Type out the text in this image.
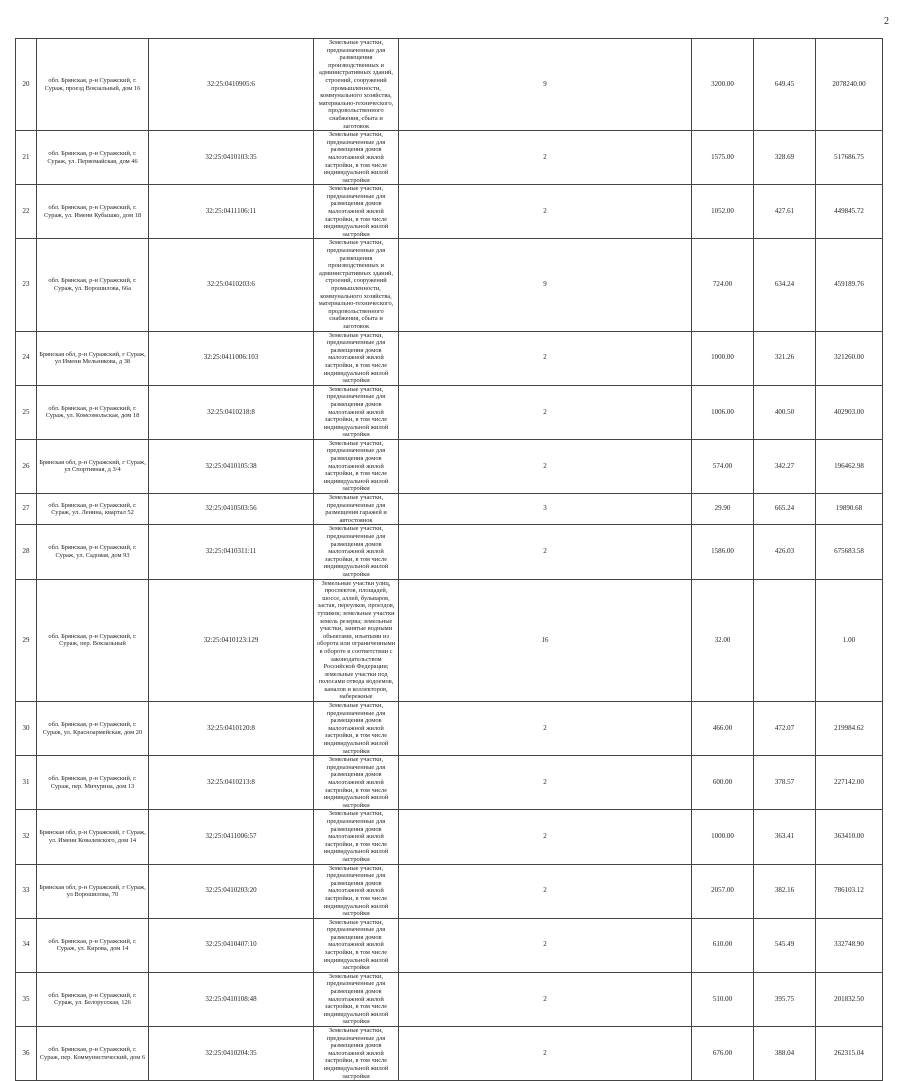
2
20	обл. Брянская, р-н Суражский, г. Сураж, проезд Вокзальный, дом 16	32:25:0410905:6	Земельные участки, предназначенные для размещения производственных и административных зданий, строений, сооружений промышленности, коммунального хозяйства, материально-технического, продовольственного снабжения, сбыта и заготовок	9	3200.00	649.45	2078240.00
21	обл. Брянская, р-н Суражский, г. Сураж, ул. Первомайская, дом 46	32:25:0410103:35	Земельные участки, предназначенные для размещения домов малоэтажной жилой застройки, в том числе индивидуальной жилой застройки	2	1575.00	328.69	517686.75
22	обл. Брянская, р-н Суражский, г. Сураж, ул. Имени Кубышко, дом 18	32:25:0411106:11	Земельные участки, предназначенные для размещения домов малоэтажной жилой застройки, в том числе индивидуальной жилой застройки	2	1052.00	427.61	449845.72
23	обл. Брянская, р-н Суражский, г. Сураж, ул. Ворошилова, 66а	32:25:0410203:6	Земельные участки, предназначенные для размещения производственных и административных зданий, строений, сооружений промышленности, коммунального хозяйства, материально-технического, продовольственного снабжения, сбыта и заготовок	9	724.00	634.24	459189.76
24	Брянская обл, р-н Суражский, г Сураж, ул Имени Мельникова, д 38	32:25:0411006:103	Земельные участки, предназначенные для размещения домов малоэтажной жилой застройки, в том числе индивидуальной жилой застройки	2	1000.00	321.26	321260.00
25	обл. Брянская, р-н Суражский, г. Сураж, ул. Комсомольская, дом 18	32:25:0410218:8	Земельные участки, предназначенные для размещения домов малоэтажной жилой застройки, в том числе индивидуальной жилой застройки	2	1006.00	400.50	402903.00
26	Брянская обл, р-н Суражский, г Сураж, ул Спортивная, д 3/4	32:25:0410105:38	Земельные участки, предназначенные для размещения домов малоэтажной жилой застройки, в том числе индивидуальной жилой застройки	2	574.00	342.27	196462.98
27	обл. Брянская, р-н Суражский, г. Сураж, ул. Ленина, квартал 52	32:25:0410503:56	Земельные участки, предназначенные для размещения гаражей и автостоянок	3	29.90	665.24	19890.68
28	обл. Брянская, р-н Суражский, г. Сураж, ул. Садовая, дом 93	32:25:0410311:11	Земельные участки, предназначенные для размещения домов малоэтажной жилой застройки, в том числе индивидуальной жилой застройки	2	1586.00	426.03	675683.58
29	обл. Брянская, р-н Суражский, г. Сураж, пер. Вокзальный	32:25:0410123:129	Земельные участки улиц, проспектов, площадей, шоссе, аллей, бульваров, застав, переулков, проездов, тупиков; земельные участки земель резерва; земельные участки, занятые водными объектами, изъятыми из оборота или ограниченными в обороте в соответствии с законодательством Российской Федерации; земельные участки под полосами отвода водоемов, каналов и коллекторов, набережные	16	32.00		1.00
30	обл. Брянская, р-н Суражский, г. Сураж, ул. Красноармейская, дом 20	32:25:0410120:8	Земельные участки, предназначенные для размещения домов малоэтажной жилой застройки, в том числе индивидуальной жилой застройки	2	466.00	472.07	219984.62
31	обл. Брянская, р-н Суражский, г. Сураж, пер. Мичурина, дом 13	32:25:0410213:8	Земельные участки, предназначенные для размещения домов малоэтажной жилой застройки, в том числе индивидуальной жилой застройки	2	600.00	378.57	227142.00
32	Брянская обл, р-н Суражский, г Сураж, ул. Имени Ковалевского, дом 14	32:25:0411006:57	Земельные участки, предназначенные для размещения домов малоэтажной жилой застройки, в том числе индивидуальной жилой застройки	2	1000.00	363.41	363410.00
33	Брянская обл, р-н Суражский, г Сураж, ул Ворошилова, 70	32:25:0410203:20	Земельные участки, предназначенные для размещения домов малоэтажной жилой застройки, в том числе индивидуальной жилой застройки	2	2057.00	382.16	786103.12
34	обл. Брянская, р-н Суражский, г. Сураж, ул. Кирова, дом 14	32:25:0410407:10	Земельные участки, предназначенные для размещения домов малоэтажной жилой застройки, в том числе индивидуальной жилой застройки	2	610.00	545.49	332748.90
35	обл. Брянская, р-н Суражский, г. Сураж, ул. Белорусская, 126	32:25:0410108:48	Земельные участки, предназначенные для размещения домов малоэтажной жилой застройки, в том числе индивидуальной жилой застройки	2	510.00	395.75	201832.50
36	обл. Брянская, р-н Суражский, г. Сураж, пер. Коммунистический, дом 6	32:25:0410204:35	Земельные участки, предназначенные для размещения домов малоэтажной жилой застройки, в том числе индивидуальной жилой застройки	2	676.00	388.04	262315.04
